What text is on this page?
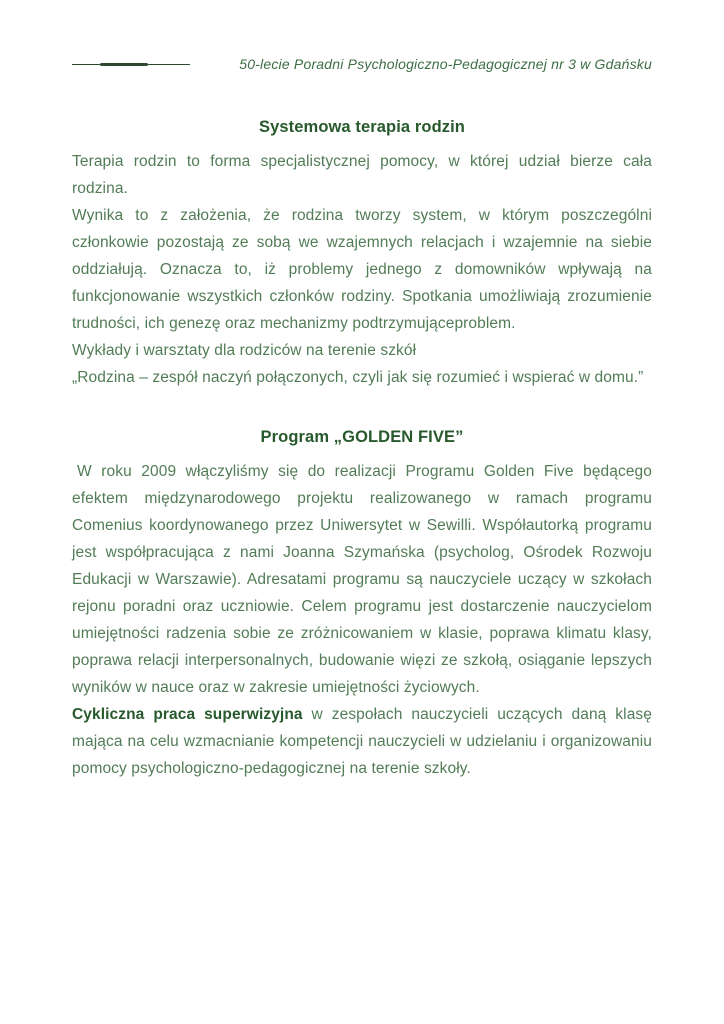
50-lecie Poradni Psychologiczno-Pedagogicznej nr 3 w Gdańsku
Systemowa terapia rodzin

Terapia rodzin to forma specjalistycznej pomocy, w której udział bierze cała rodzina.

Wynika to z założenia, że rodzina tworzy system, w którym poszczególni członkowie pozostają ze sobą we wzajemnych relacjach i wzajemnie na siebie oddziałują. Oznacza to, iż problemy jednego z domowników wpływają na funkcjonowanie wszystkich członków rodziny. Spotkania umożliwiają zrozumienie trudności, ich genezę oraz mechanizmy podtrzymująceproblem.

Wykłady i warsztaty dla rodziców na terenie szkół

„Rodzina – zespół naczyń połączonych, czyli jak się rozumieć i wspierać w domu.”

Program „GOLDEN FIVE”

W roku 2009 włączyliśmy się do realizacji Programu Golden Five będącego efektem międzynarodowego projektu realizowanego w ramach programu Comenius koordynowanego przez Uniwersytet w Sewilli. Współautorką programu jest współpracująca z nami Joanna Szymańska (psycholog, Ośrodek Rozwoju Edukacji w Warszawie). Adresatami programu są nauczyciele uczący w szkołach rejonu poradni oraz uczniowie. Celem programu jest dostarczenie nauczycielom umiejętności radzenia sobie ze zróżnicowaniem w klasie, poprawa klimatu klasy, poprawa relacji interpersonalnych, budowanie więzi ze szkołą, osiąganie lepszych wyników w nauce oraz w zakresie umiejętności życiowych.

Cykliczna praca superwizyjna w zespołach nauczycieli uczących daną klasę mająca na celu wzmacnianie kompetencji nauczycieli w udzielaniu i organizowaniu pomocy psychologiczno-pedagogicznej na terenie szkoły.
